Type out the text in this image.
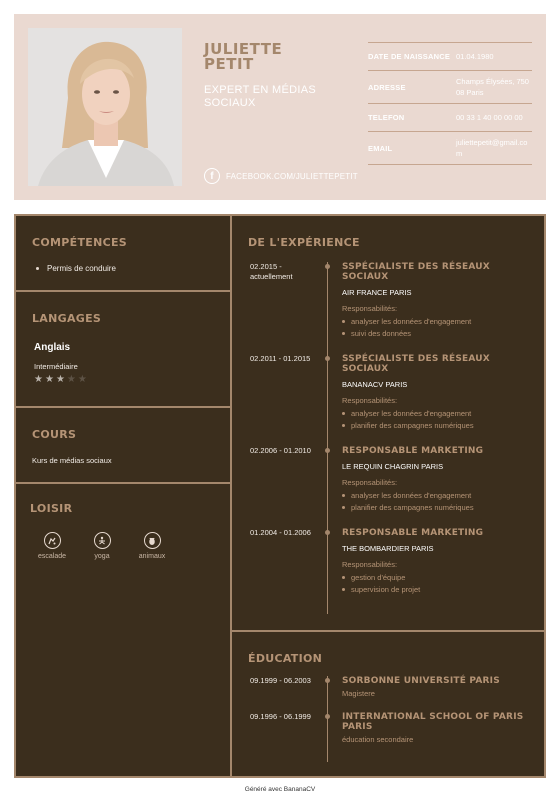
JULIETTE
PETIT
EXPERT EN MÉDIAS SOCIAUX
f	FACEBOOK.COM/JULIETTEPETIT
DATE DE NAISSANCE 01.04.1980
ADRESSE
Champs Élysées, 75008 Paris
TELEFON	00 33 1 40 00 00 00
EMAIL
juliettepetit@gmail.com
COMPÉTENCES
Permis de conduire
LANGAGES
Anglais
Intermédiaire
★ ★ ★ ★ ★
COURS
Kurs de médias sociaux
LOISIR
escalade	yoga	animaux
DE L'EXPÉRIENCE
02.2015 - actuellement
SSPÉCIALISTE DES RÉSEAUX SOCIAUX
AIR FRANCE PARIS
Responsabilités:
analyser les données d'engagement
suivi des données
02.2011 - 01.2015	SSPÉCIALISTE DES RÉSEAUX SOCIAUX
BANANACV PARIS
Responsabilités:
analyser les données d'engagement
planifier des campagnes numériques
02.2006 - 01.2010	RESPONSABLE MARKETING
LE REQUIN CHAGRIN PARIS
Responsabilités:
analyser les données d'engagement
planifier des campagnes numériques
01.2004 - 01.2006	RESPONSABLE MARKETING
THE BOMBARDIER PARIS
Responsabilités:
gestion d'équipe
supervision de projet
ÉDUCATION
09.1999 - 06.2003	SORBONNE UNIVERSITÉ PARIS
Magistere
09.1996 - 06.1999	INTERNATIONAL SCHOOL OF PARIS PARIS
éducation secondaire
Généré avec BananaCV
